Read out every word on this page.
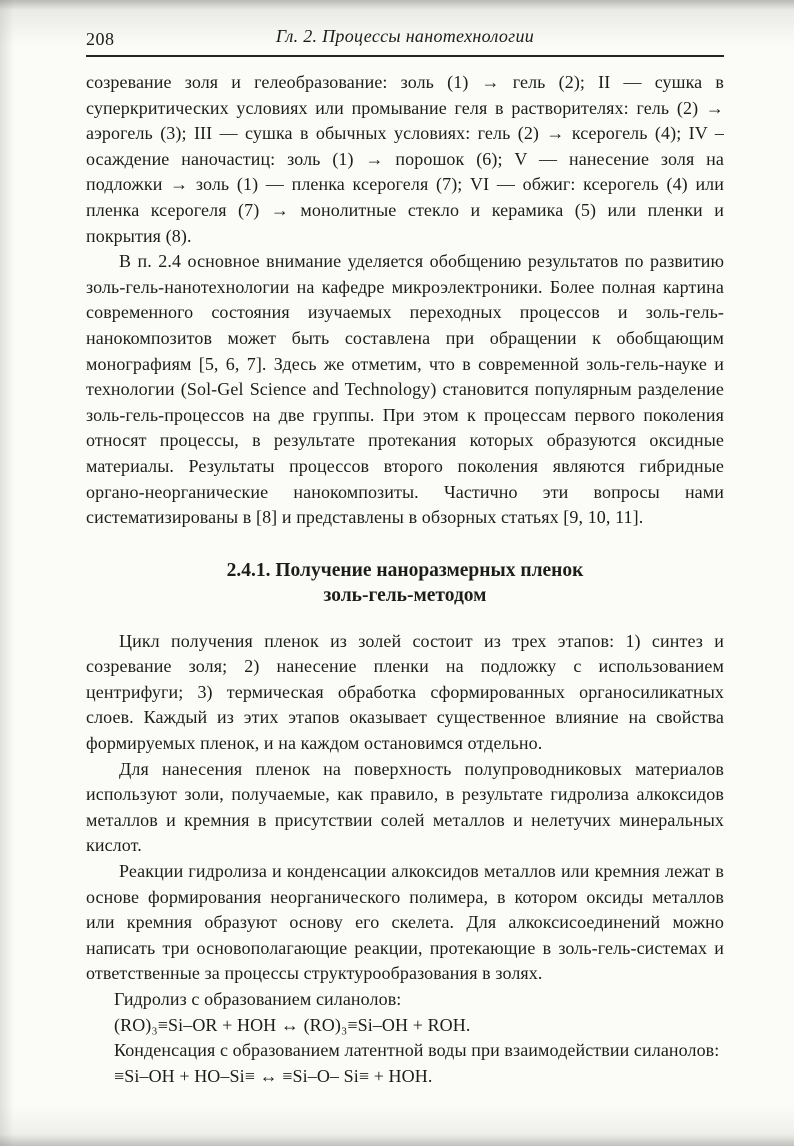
208	Гл. 2. Процессы нанотехнологии

созревание золя и гелеобразование: золь (1) → гель (2); II — сушка в суперкритических условиях или промывание геля в растворителях: гель (2) → аэрогель (3); III — сушка в обычных условиях: гель (2) → ксерогель (4); IV – осаждение наночастиц: золь (1) → порошок (6); V — нанесение золя на подложки → золь (1) — пленка ксерогеля (7); VI — обжиг: ксерогель (4) или пленка ксерогеля (7) → монолитные стекло и керамика (5) или пленки и покрытия (8).

В п. 2.4 основное внимание уделяется обобщению результатов по развитию золь-гель-нанотехнологии на кафедре микроэлектроники. Более полная картина современного состояния изучаемых переходных процессов и золь-гель-нанокомпозитов может быть составлена при обращении к обобщающим монографиям [5, 6, 7]. Здесь же отметим, что в современной золь-гель-науке и технологии (Sol-Gel Science and Technology) становится популярным разделение золь-гель-процессов на две группы. При этом к процессам первого поколения относят процессы, в результате протекания которых образуются оксидные материалы. Результаты процессов второго поколения являются гибридные органо-неорганические нанокомпозиты. Частично эти вопросы нами систематизированы в [8] и представлены в обзорных статьях [9, 10, 11].

2.4.1. Получение наноразмерных пленок
золь-гель-методом

Цикл получения пленок из золей состоит из трех этапов: 1) синтез и созревание золя; 2) нанесение пленки на подложку с использованием центрифуги; 3) термическая обработка сформированных органосиликатных слоев. Каждый из этих этапов оказывает существенное влияние на свойства формируемых пленок, и на каждом остановимся отдельно.

Для нанесения пленок на поверхность полупроводниковых материалов используют золи, получаемые, как правило, в результате гидролиза алкоксидов металлов и кремния в присутствии солей металлов и нелетучих минеральных кислот.

Реакции гидролиза и конденсации алкоксидов металлов или кремния лежат в основе формирования неорганического полимера, в котором оксиды металлов или кремния образуют основу его скелета. Для алкоксисоединений можно написать три основополагающие реакции, протекающие в золь-гель-системах и ответственные за процессы структурообразования в золях.

Гидролиз с образованием силанолов:

(RO)₃≡Si–OR + HOH ↔ (RO)₃≡Si–OH + ROH.

Конденсация с образованием латентной воды при взаимодействии силанолов:

≡Si–OH + HO–Si≡ ↔ ≡Si–O– Si≡ + HOH.
